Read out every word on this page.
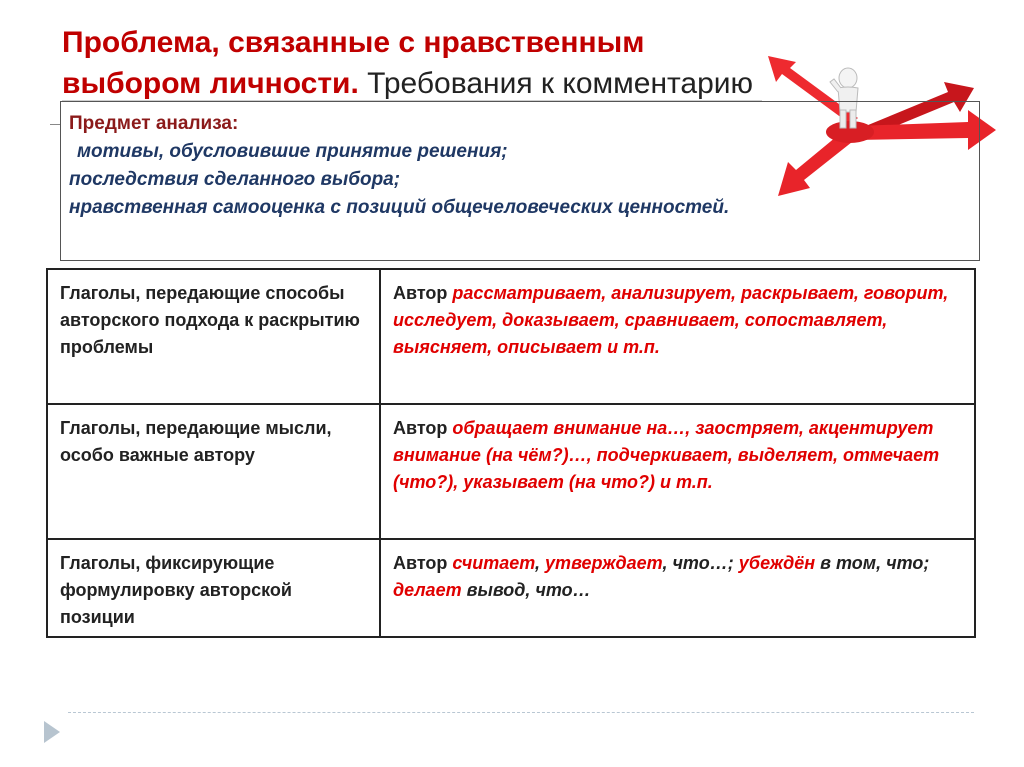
Проблема, связанные с нравственным выбором личности. Требования к комментарию
Предмет анализа:
мотивы, обусловившие принятие решения;
последствия сделанного выбора;
нравственная самооценка с позиций общечеловеческих ценностей.
Глаголы, передающие способы авторского подхода к раскрытию проблемы	Автор рассматривает, анализирует, раскрывает, говорит, исследует, доказывает, сравнивает, сопоставляет, выясняет, описывает и т.п.
Глаголы, передающие мысли, особо важные автору	Автор обращает внимание на…, заостряет, акцентирует внимание (на чём?)…, подчеркивает, выделяет, отмечает (что?), указывает (на что?) и т.п.
Глаголы, фиксирующие формулировку авторской позиции	Автор считает, утверждает, что…; убеждён в том, что; делает вывод, что…
